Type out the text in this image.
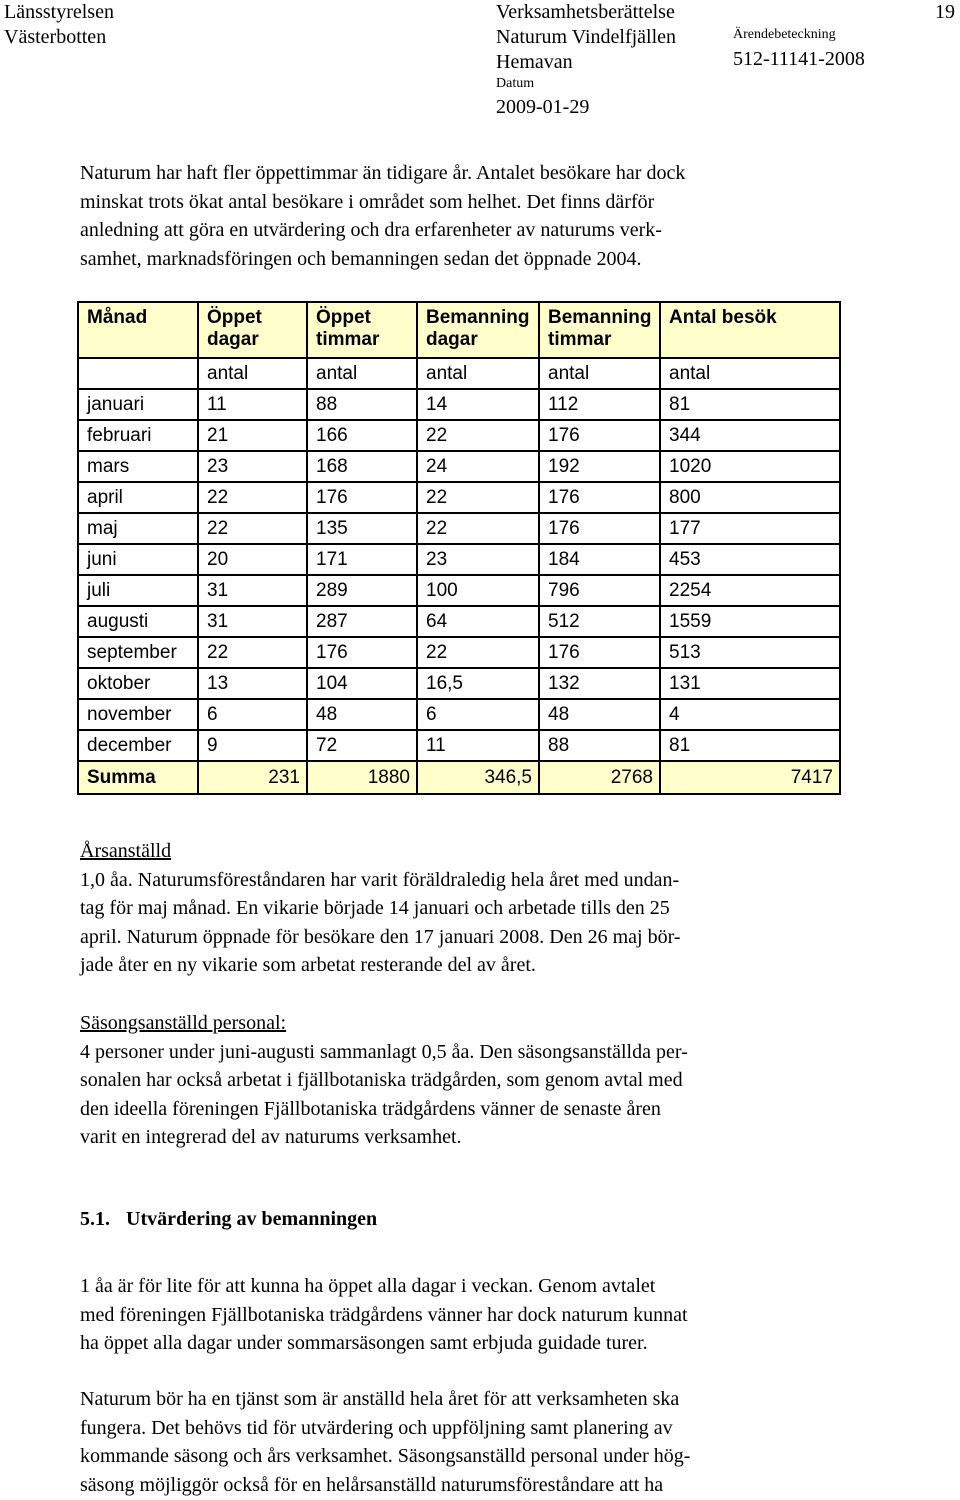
Länsstyrelsen
Västerbotten
Verksamhetsberättelse
Naturum Vindelfjällen
Hemavan
Datum
2009-01-29
Ärendebeteckning
512-11141-2008
19
Naturum har haft fler öppettimmar än tidigare år. Antalet besökare har dock
minskat trots ökat antal besökare i området som helhet. Det finns därför
anledning att göra en utvärdering och dra erfarenheter av naturums verk-
samhet, marknadsföringen och bemanningen sedan det öppnade 2004.
Månad	Öppet dagar	Öppet timmar	Bemanning dagar	Bemanning timmar	Antal besök
	antal	antal	antal	antal	antal
januari	11	88	14	112	81
februari	21	166	22	176	344
mars	23	168	24	192	1020
april	22	176	22	176	800
maj	22	135	22	176	177
juni	20	171	23	184	453
juli	31	289	100	796	2254
augusti	31	287	64	512	1559
september	22	176	22	176	513
oktober	13	104	16,5	132	131
november	6	48	6	48	4
december	9	72	11	88	81
Summa	231	1880	346,5	2768	7417
Årsanställd
1,0 åa. Naturumsföreståndaren har varit föräldraledig hela året med undan-
tag för maj månad. En vikarie började 14 januari och arbetade tills den 25
april. Naturum öppnade för besökare den 17 januari 2008. Den 26 maj bör-
jade åter en ny vikarie som arbetat resterande del av året.
Säsongsanställd personal:
4 personer under juni-augusti sammanlagt 0,5 åa. Den säsongsanställda per-
sonalen har också arbetat i fjällbotaniska trädgården, som genom avtal med
den ideella föreningen Fjällbotaniska trädgårdens vänner de senaste åren
varit en integrerad del av naturums verksamhet.
5.1. Utvärdering av bemanningen
1 åa är för lite för att kunna ha öppet alla dagar i veckan. Genom avtalet
med föreningen Fjällbotaniska trädgårdens vänner har dock naturum kunnat
ha öppet alla dagar under sommarsäsongen samt erbjuda guidade turer.
Naturum bör ha en tjänst som är anställd hela året för att verksamheten ska
fungera. Det behövs tid för utvärdering och uppföljning samt planering av
kommande säsong och års verksamhet. Säsongsanställd personal under hög-
säsong möjliggör också för en helårsanställd naturumsföreståndare att ha
